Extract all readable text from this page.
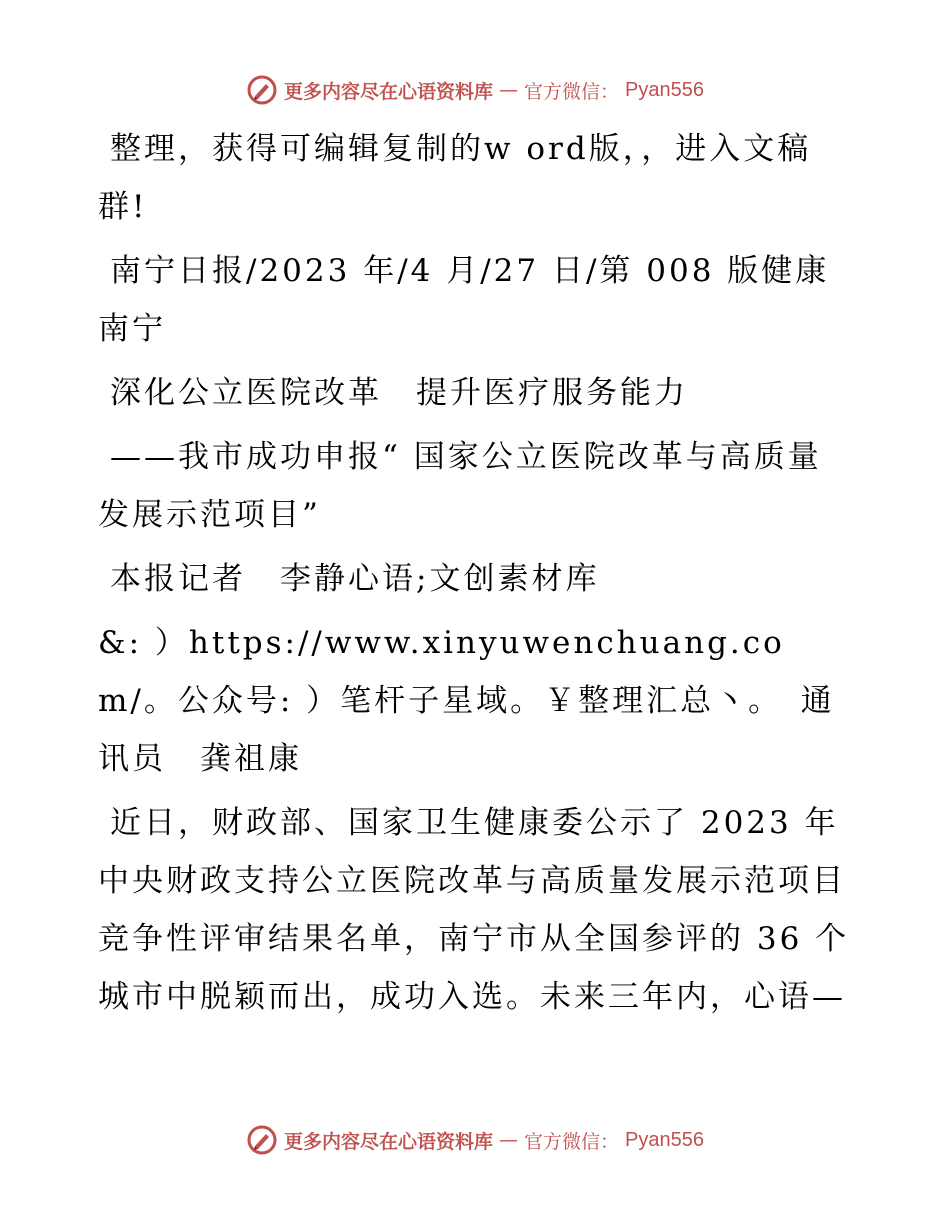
更多内容尽在心语资料库 — 官方微信： Pyan556

整理，获得可编辑复制的w ord版，，进入文稿群!

南宁日报/2023 年/4 月/27 日/第 008 版健康南宁

深化公立医院改革　提升医疗服务能力

——我市成功申报“ 国家公立医院改革与高质量发展示范项目”

本报记者　李静心语;文创素材库

&: ）https://www.xinyuwenchuang.com/。公众号: ）笔杆子星域。￥整理汇总丶。　通讯员　龚祖康

近日，财政部、国家卫生健康委公示了 2023 年中央财政支持公立医院改革与高质量发展示范项目竞争性评审结果名单，南宁市从全国参评的 36 个城市中脱颖而出，成功入选。未来三年内，心语—

更多内容尽在心语资料库 — 官方微信： Pyan556
